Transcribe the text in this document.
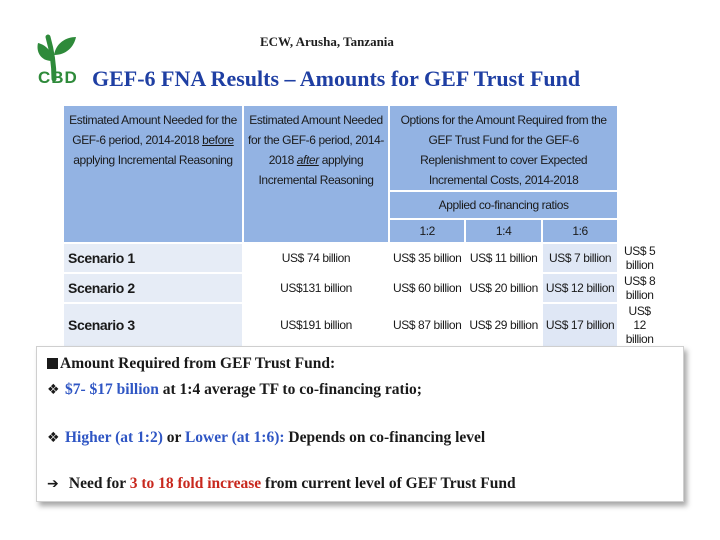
CBD
ECW, Arusha, Tanzania
GEF-6 FNA Results – Amounts for GEF Trust Fund
Estimated Amount Needed for the GEF-6 period, 2014-2018 before applying Incremental Reasoning	Estimated Amount Needed for the GEF-6 period, 2014-2018 after applying Incremental Reasoning	Options for the Amount Required from the GEF Trust Fund for the GEF-6 Replenishment to cover Expected Incremental Costs, 2014-2018			
		Applied co-financing ratios			
		1:2	1:4	1:6	
Scenario 1	US$ 74 billion	US$ 35 billion	US$ 11 billion	US$ 7 billion	US$ 5 billion
Scenario 2	US$131 billion	US$ 60 billion	US$ 20 billion	US$ 12 billion	US$ 8 billion
Scenario 3	US$191 billion	US$ 87 billion	US$ 29 billion	US$ 17 billion	US$ 12 billion
Amount Required from GEF Trust Fund:
❖ $7- $17 billion at 1:4 average TF to co-financing ratio;
❖ Higher (at 1:2) or Lower (at 1:6): Depends on co-financing level
➔ Need for 3 to 18 fold increase from current level of GEF Trust Fund
